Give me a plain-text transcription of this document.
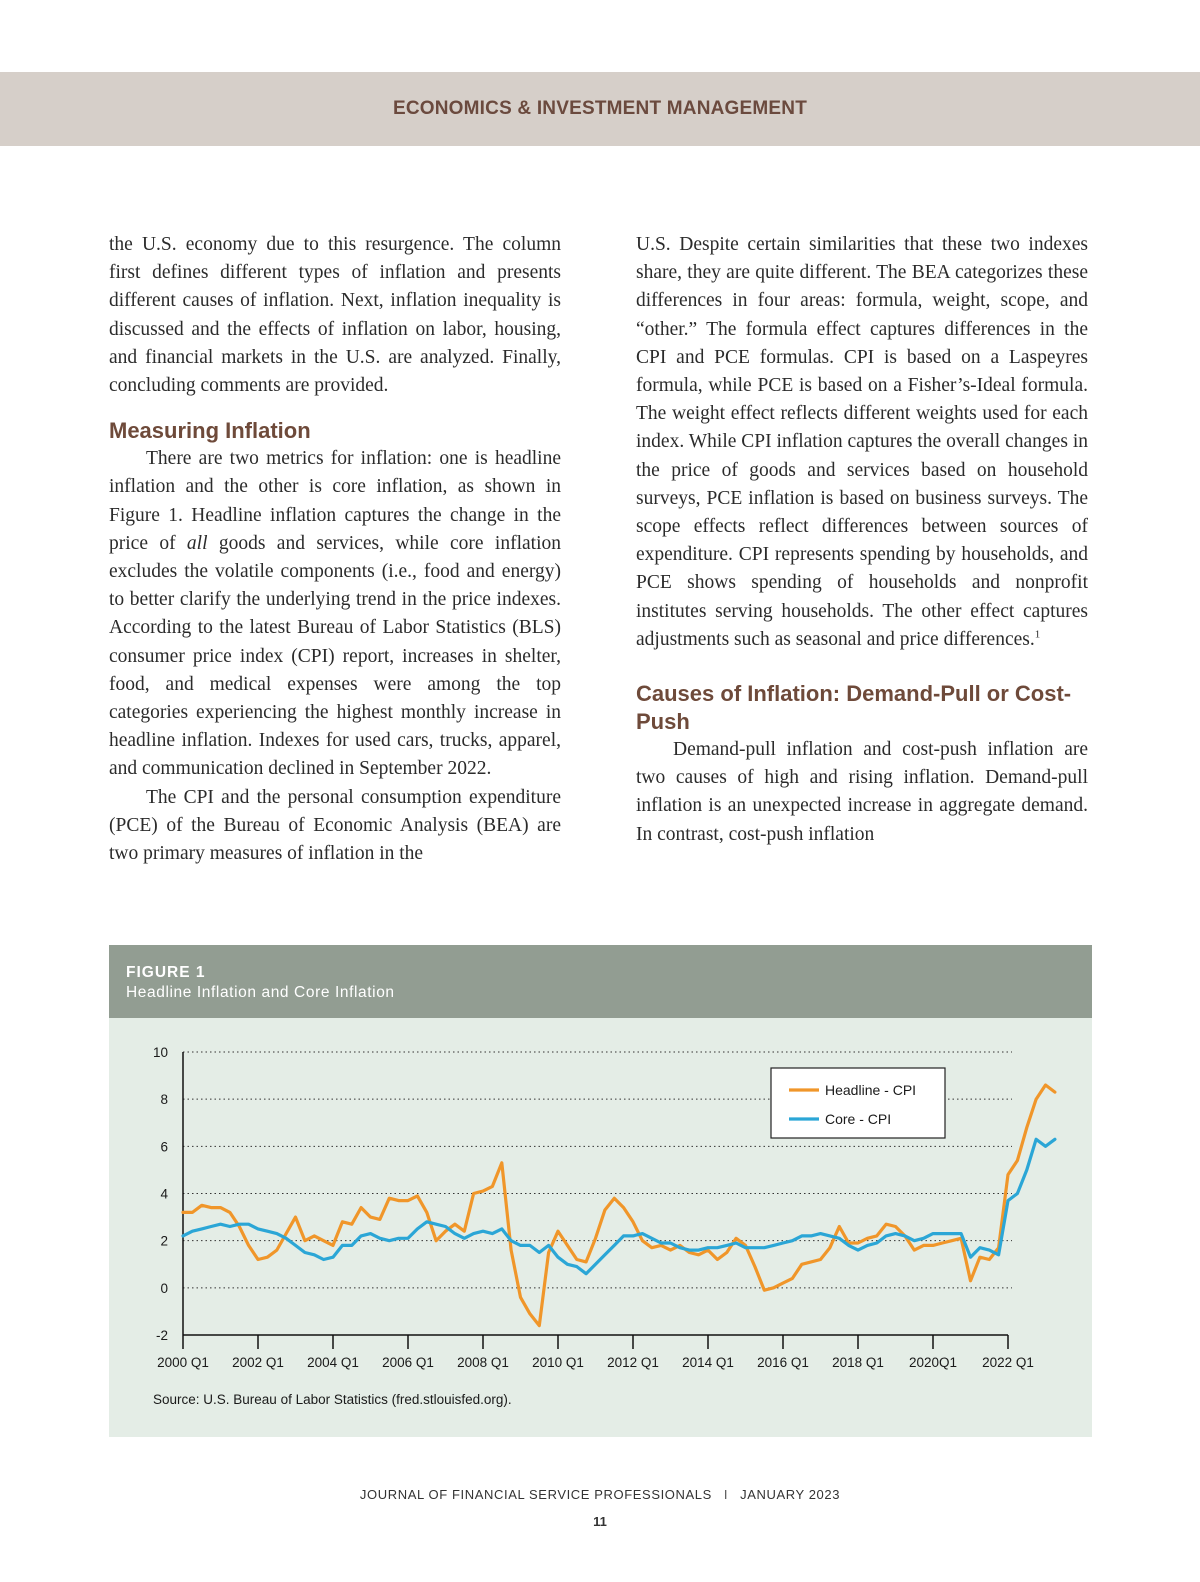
ECONOMICS & INVESTMENT MANAGEMENT

the U.S. economy due to this resurgence. The column first defines different types of inflation and presents different causes of inflation. Next, inflation inequality is discussed and the effects of inflation on labor, housing, and financial markets in the U.S. are analyzed. Finally, concluding comments are provided.

Measuring Inflation

There are two metrics for inflation: one is headline inflation and the other is core inflation, as shown in Figure 1. Headline inflation captures the change in the price of all goods and services, while core inflation excludes the volatile components (i.e., food and energy) to better clarify the underlying trend in the price indexes. According to the latest Bureau of Labor Statistics (BLS) consumer price index (CPI) report, increases in shelter, food, and medical expenses were among the top categories experiencing the highest monthly increase in headline inflation. Indexes for used cars, trucks, apparel, and communication declined in September 2022.

The CPI and the personal consumption expenditure (PCE) of the Bureau of Economic Analysis (BEA) are two primary measures of inflation in the

U.S. Despite certain similarities that these two indexes share, they are quite different. The BEA categorizes these differences in four areas: formula, weight, scope, and “other.” The formula effect captures differences in the CPI and PCE formulas. CPI is based on a Laspeyres formula, while PCE is based on a Fisher’s-Ideal formula. The weight effect reflects different weights used for each index. While CPI inflation captures the overall changes in the price of goods and services based on household surveys, PCE inflation is based on business surveys. The scope effects reflect differences between sources of expenditure. CPI represents spending by households, and PCE shows spending of households and nonprofit institutes serving households. The other effect captures adjustments such as seasonal and price differences.$^1$

Causes of Inflation: Demand-Pull or Cost-Push

Demand-pull inflation and cost-push inflation are two causes of high and rising inflation. Demand-pull inflation is an unexpected increase in aggregate demand. In contrast, cost-push inflation

FIGURE 1
Headline Inflation and Core Inflation
-2
0
2
4
6
8
10
2000 Q1 2002 Q1 2004 Q1 2006 Q1 2008 Q1 2010 Q1 2012 Q1 2014 Q1 2016 Q1 2018 Q1 2020Q1 2022 Q1
Headline - CPI
Core - CPI
Source: U.S. Bureau of Labor Statistics (fred.stlouisfed.org).
JOURNAL OF FINANCIAL SERVICE PROFESSIONALS I JANUARY 2023
11
